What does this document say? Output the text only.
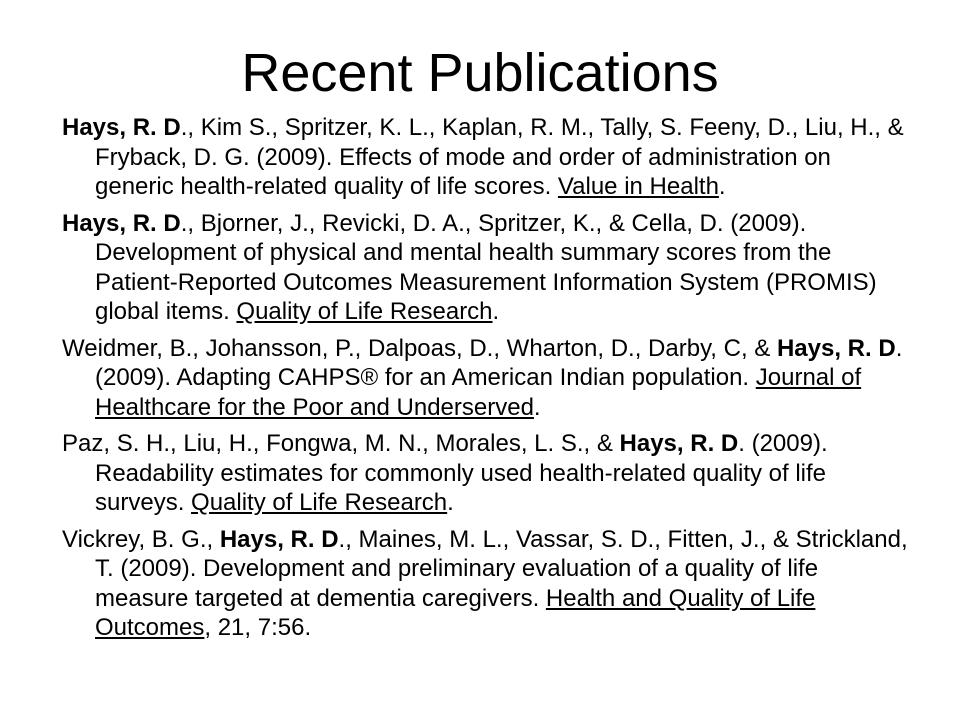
Recent Publications
Hays, R. D., Kim S., Spritzer, K. L., Kaplan, R. M., Tally, S. Feeny, D., Liu, H., & Fryback, D. G. (2009). Effects of mode and order of administration on generic health-related quality of life scores. Value in Health.
Hays, R. D., Bjorner, J., Revicki, D. A., Spritzer, K., & Cella, D. (2009). Development of physical and mental health summary scores from the Patient-Reported Outcomes Measurement Information System (PROMIS) global items. Quality of Life Research.
Weidmer, B., Johansson, P., Dalpoas, D., Wharton, D., Darby, C, & Hays, R. D. (2009). Adapting CAHPS® for an American Indian population. Journal of Healthcare for the Poor and Underserved.
Paz, S. H., Liu, H., Fongwa, M. N., Morales, L. S., & Hays, R. D. (2009). Readability estimates for commonly used health-related quality of life surveys. Quality of Life Research.
Vickrey, B. G., Hays, R. D., Maines, M. L., Vassar, S. D., Fitten, J., & Strickland, T. (2009). Development and preliminary evaluation of a quality of life measure targeted at dementia caregivers. Health and Quality of Life Outcomes, 21, 7:56.
